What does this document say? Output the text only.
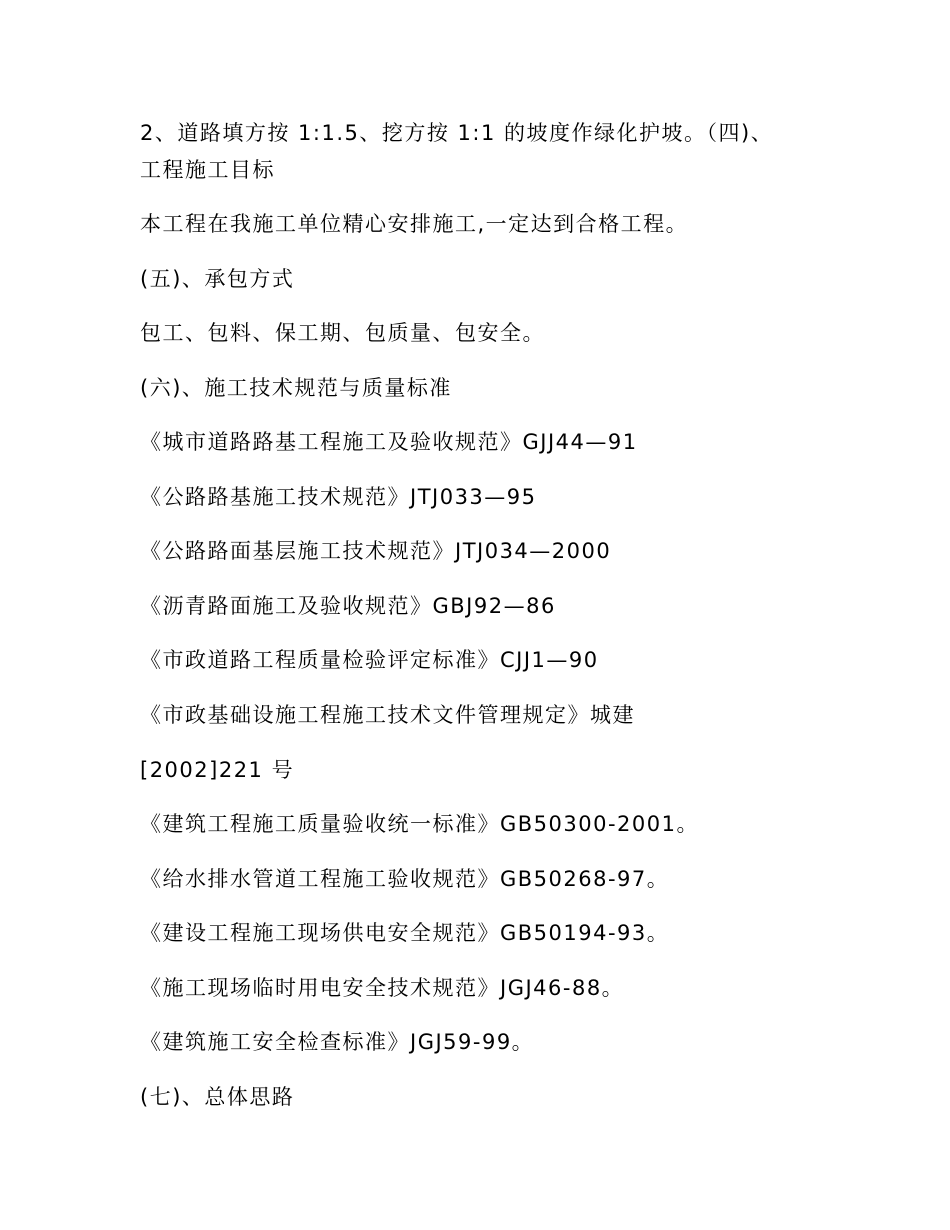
2、道路填方按 1:1.5、挖方按 1:1 的坡度作绿化护坡。（四)、
工程施工目标
本工程在我施工单位精心安排施工,一定达到合格工程。
(五)、承包方式
包工、包料、保工期、包质量、包安全。
(六)、施工技术规范与质量标准
《城市道路路基工程施工及验收规范》GJJ44—91
《公路路基施工技术规范》JTJ033—95
《公路路面基层施工技术规范》JTJ034—2000
《沥青路面施工及验收规范》GBJ92—86
《市政道路工程质量检验评定标准》CJJ1—90
《市政基础设施工程施工技术文件管理规定》城建
[2002]221 号
《建筑工程施工质量验收统一标准》GB50300-2001。
《给水排水管道工程施工验收规范》GB50268-97。
《建设工程施工现场供电安全规范》GB50194-93。
《施工现场临时用电安全技术规范》JGJ46-88。
《建筑施工安全检查标准》JGJ59-99。
(七)、总体思路
